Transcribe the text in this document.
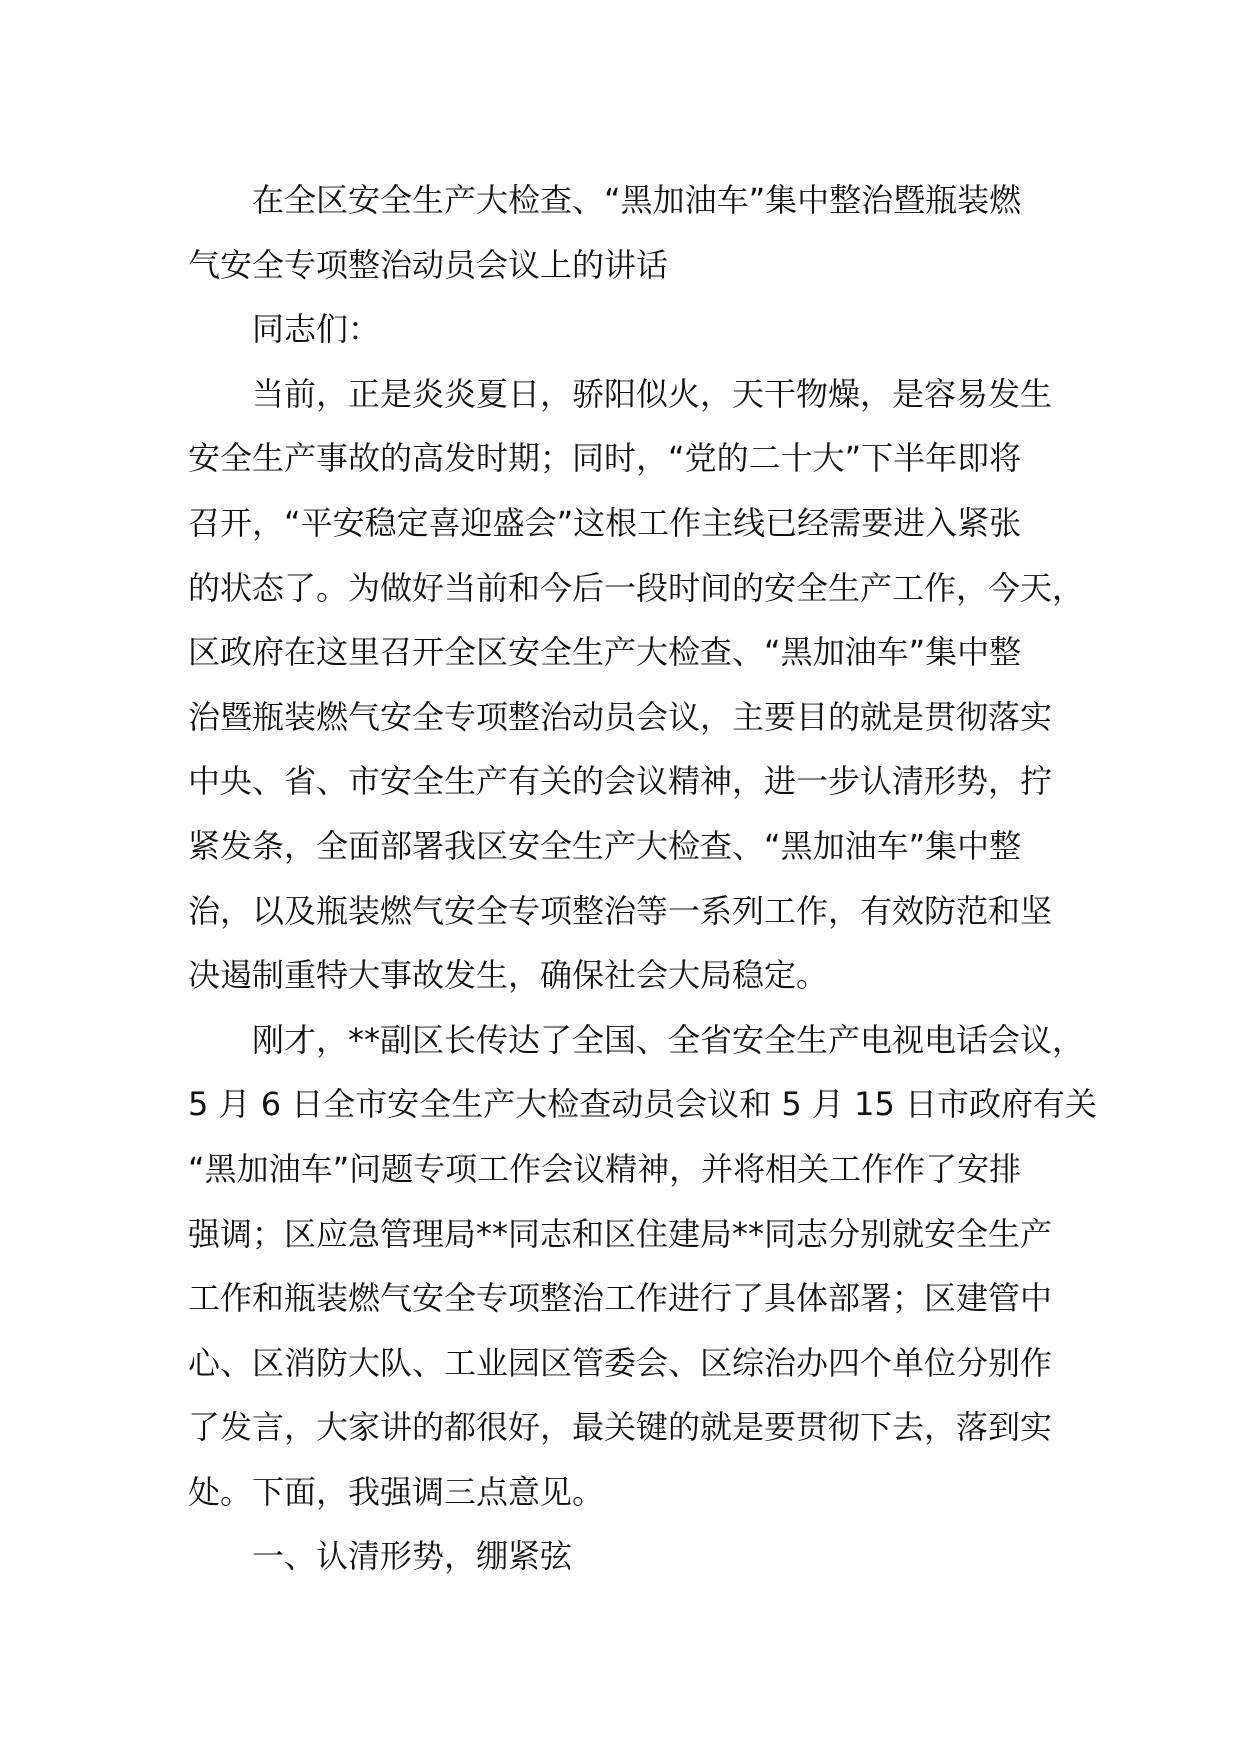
在全区安全生产大检查、“黑加油车”集中整治暨瓶装燃
气安全专项整治动员会议上的讲话
同志们：
当前，正是炎炎夏日，骄阳似火，天干物燥，是容易发生
安全生产事故的高发时期；同时，“党的二十大”下半年即将
召开，“平安稳定喜迎盛会”这根工作主线已经需要进入紧张
的状态了。为做好当前和今后一段时间的安全生产工作，今天，
区政府在这里召开全区安全生产大检查、“黑加油车”集中整
治暨瓶装燃气安全专项整治动员会议，主要目的就是贯彻落实
中央、省、市安全生产有关的会议精神，进一步认清形势，拧
紧发条，全面部署我区安全生产大检查、“黑加油车”集中整
治，以及瓶装燃气安全专项整治等一系列工作，有效防范和坚
决遏制重特大事故发生，确保社会大局稳定。
刚才，**副区长传达了全国、全省安全生产电视电话会议，
5 月 6 日全市安全生产大检查动员会议和 5 月 15 日市政府有关
“黑加油车”问题专项工作会议精神，并将相关工作作了安排
强调；区应急管理局**同志和区住建局**同志分别就安全生产
工作和瓶装燃气安全专项整治工作进行了具体部署；区建管中
心、区消防大队、工业园区管委会、区综治办四个单位分别作
了发言，大家讲的都很好，最关键的就是要贯彻下去，落到实
处。下面，我强调三点意见。
一、认清形势，绷紧弦
